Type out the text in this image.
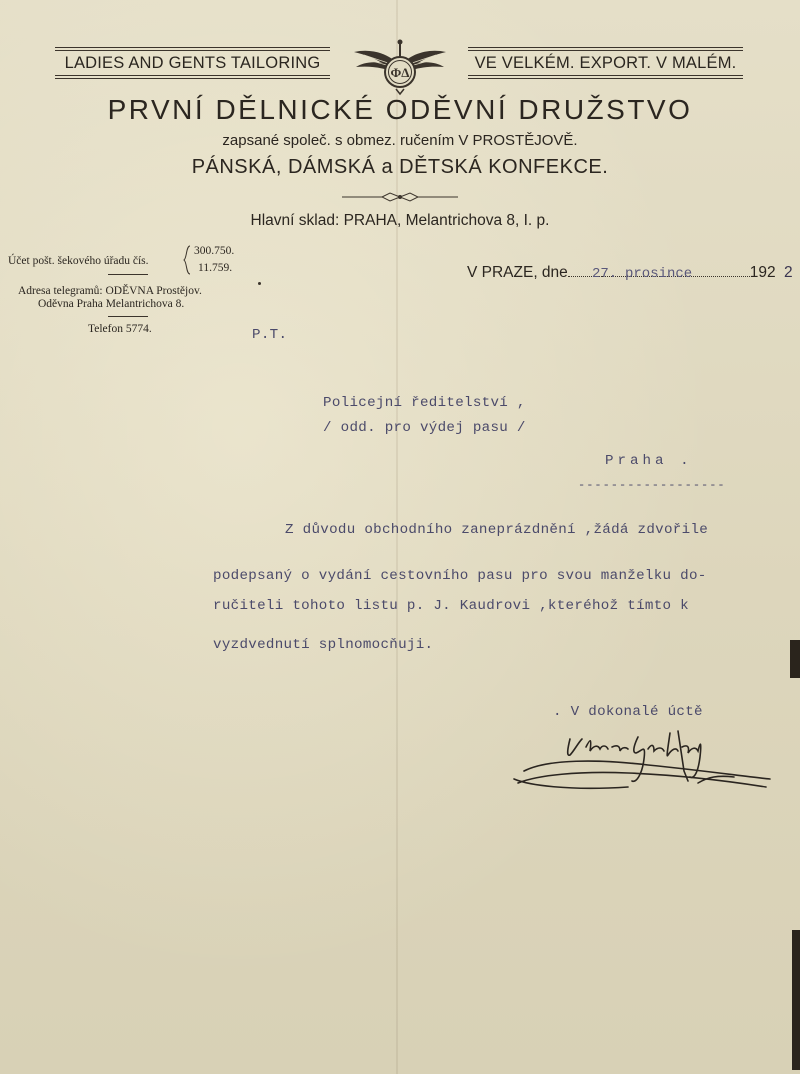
LADIES AND GENTS TAILORING	VE VELKÉM. EXPORT. V MALÉM.
ΦΔ
PRVNÍ DĚLNICKÉ ODĚVNÍ DRUŽSTVO
zapsané společ. s obmez. ručením V PROSTĚJOVĚ.
PÁNSKÁ, DÁMSKÁ a DĚTSKÁ KONFEKCE.
Hlavní sklad: PRAHA, Melantrichova 8, I. p.
Účet pošt. šekového úřadu čís.
300.750.
11.759.
Adresa telegramů: ODĚVNA Prostějov.
Oděvna Praha Melantrichova 8.
Telefon 5774.
V PRAZE, dne	192
27. prosince	2
P.T.
Policejní ředitelství ,
/ odd. pro výdej pasu /
Praha .
------------------
Z důvodu obchodního zaneprázdnění ,žádá zdvořile
podepsaný o vydání cestovního pasu pro svou manželku do-
ručiteli tohoto listu p. J. Kaudrovi ,kteréhož tímto k
vyzdvednutí splnomocňuji.
. V dokonalé úctě
